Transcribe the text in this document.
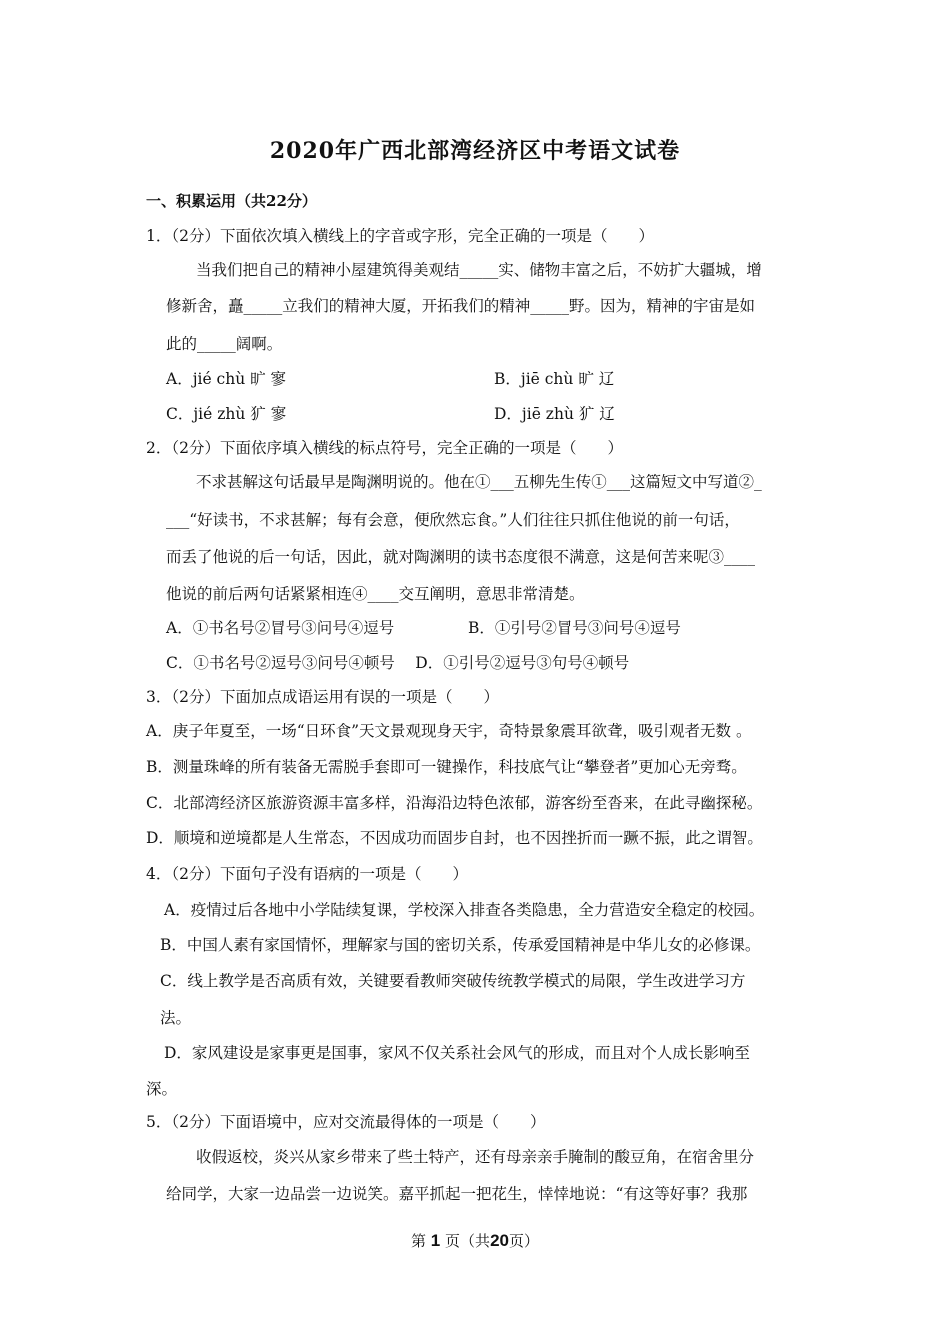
2020年广西北部湾经济区中考语文试卷
一、积累运用（共22分）
1．（2分）下面依次填入横线上的字音或字形，完全正确的一项是（　　）
当我们把自己的精神小屋建筑得美观结_____实、储物丰富之后，不妨扩大疆城，增
修新舍，矗_____立我们的精神大厦，开拓我们的精神_____野。因为，精神的宇宙是如
此的_____阔啊。
A．jié chù 旷 寥	B．jiē chù 旷 辽
C．jié zhù 犷 寥	D．jiē zhù 犷 辽
2．（2分）下面依序填入横线的标点符号，完全正确的一项是（　　）
不求甚解这句话最早是陶渊明说的。他在①___五柳先生传①___这篇短文中写道②_
___“好读书，不求甚解；每有会意，便欣然忘食。”人们往往只抓住他说的前一句话，
而丢了他说的后一句话，因此，就对陶渊明的读书态度很不满意，这是何苦来呢③____
他说的前后两句话紧紧相连④____交互阐明，意思非常清楚。
A．①书名号②冒号③问号④逗号	B．①引号②冒号③问号④逗号
C．①书名号②逗号③问号④顿号　 D．①引号②逗号③句号④顿号
3．（2分）下面加点成语运用有误的一项是（　　）
A．庚子年夏至，一场“日环食”天文景观现身天宇，奇特景象震耳欲聋，吸引观者无数 。
B．测量珠峰的所有装备无需脱手套即可一键操作，科技底气让“攀登者”更加心无旁骛。
C．北部湾经济区旅游资源丰富多样，沿海沿边特色浓郁，游客纷至沓来，在此寻幽探秘。
D．顺境和逆境都是人生常态，不因成功而固步自封，也不因挫折而一蹶不振，此之谓智。
4．（2分）下面句子没有语病的一项是（　　）
A．疫情过后各地中小学陆续复课，学校深入排查各类隐患，全力营造安全稳定的校园。
B．中国人素有家国情怀，理解家与国的密切关系，传承爱国精神是中华儿女的必修课。
C．线上教学是否高质有效，关键要看教师突破传统教学模式的局限，学生改进学习方
法。
D．家风建设是家事更是国事，家风不仅关系社会风气的形成，而且对个人成长影响至
深。
5．（2分）下面语境中，应对交流最得体的一项是（　　）
收假返校，炎兴从家乡带来了些土特产，还有母亲亲手腌制的酸豆角，在宿舍里分
给同学，大家一边品尝一边说笑。嘉平抓起一把花生，悻悻地说：“有这等好事？我那
第 1 页（共20页）
